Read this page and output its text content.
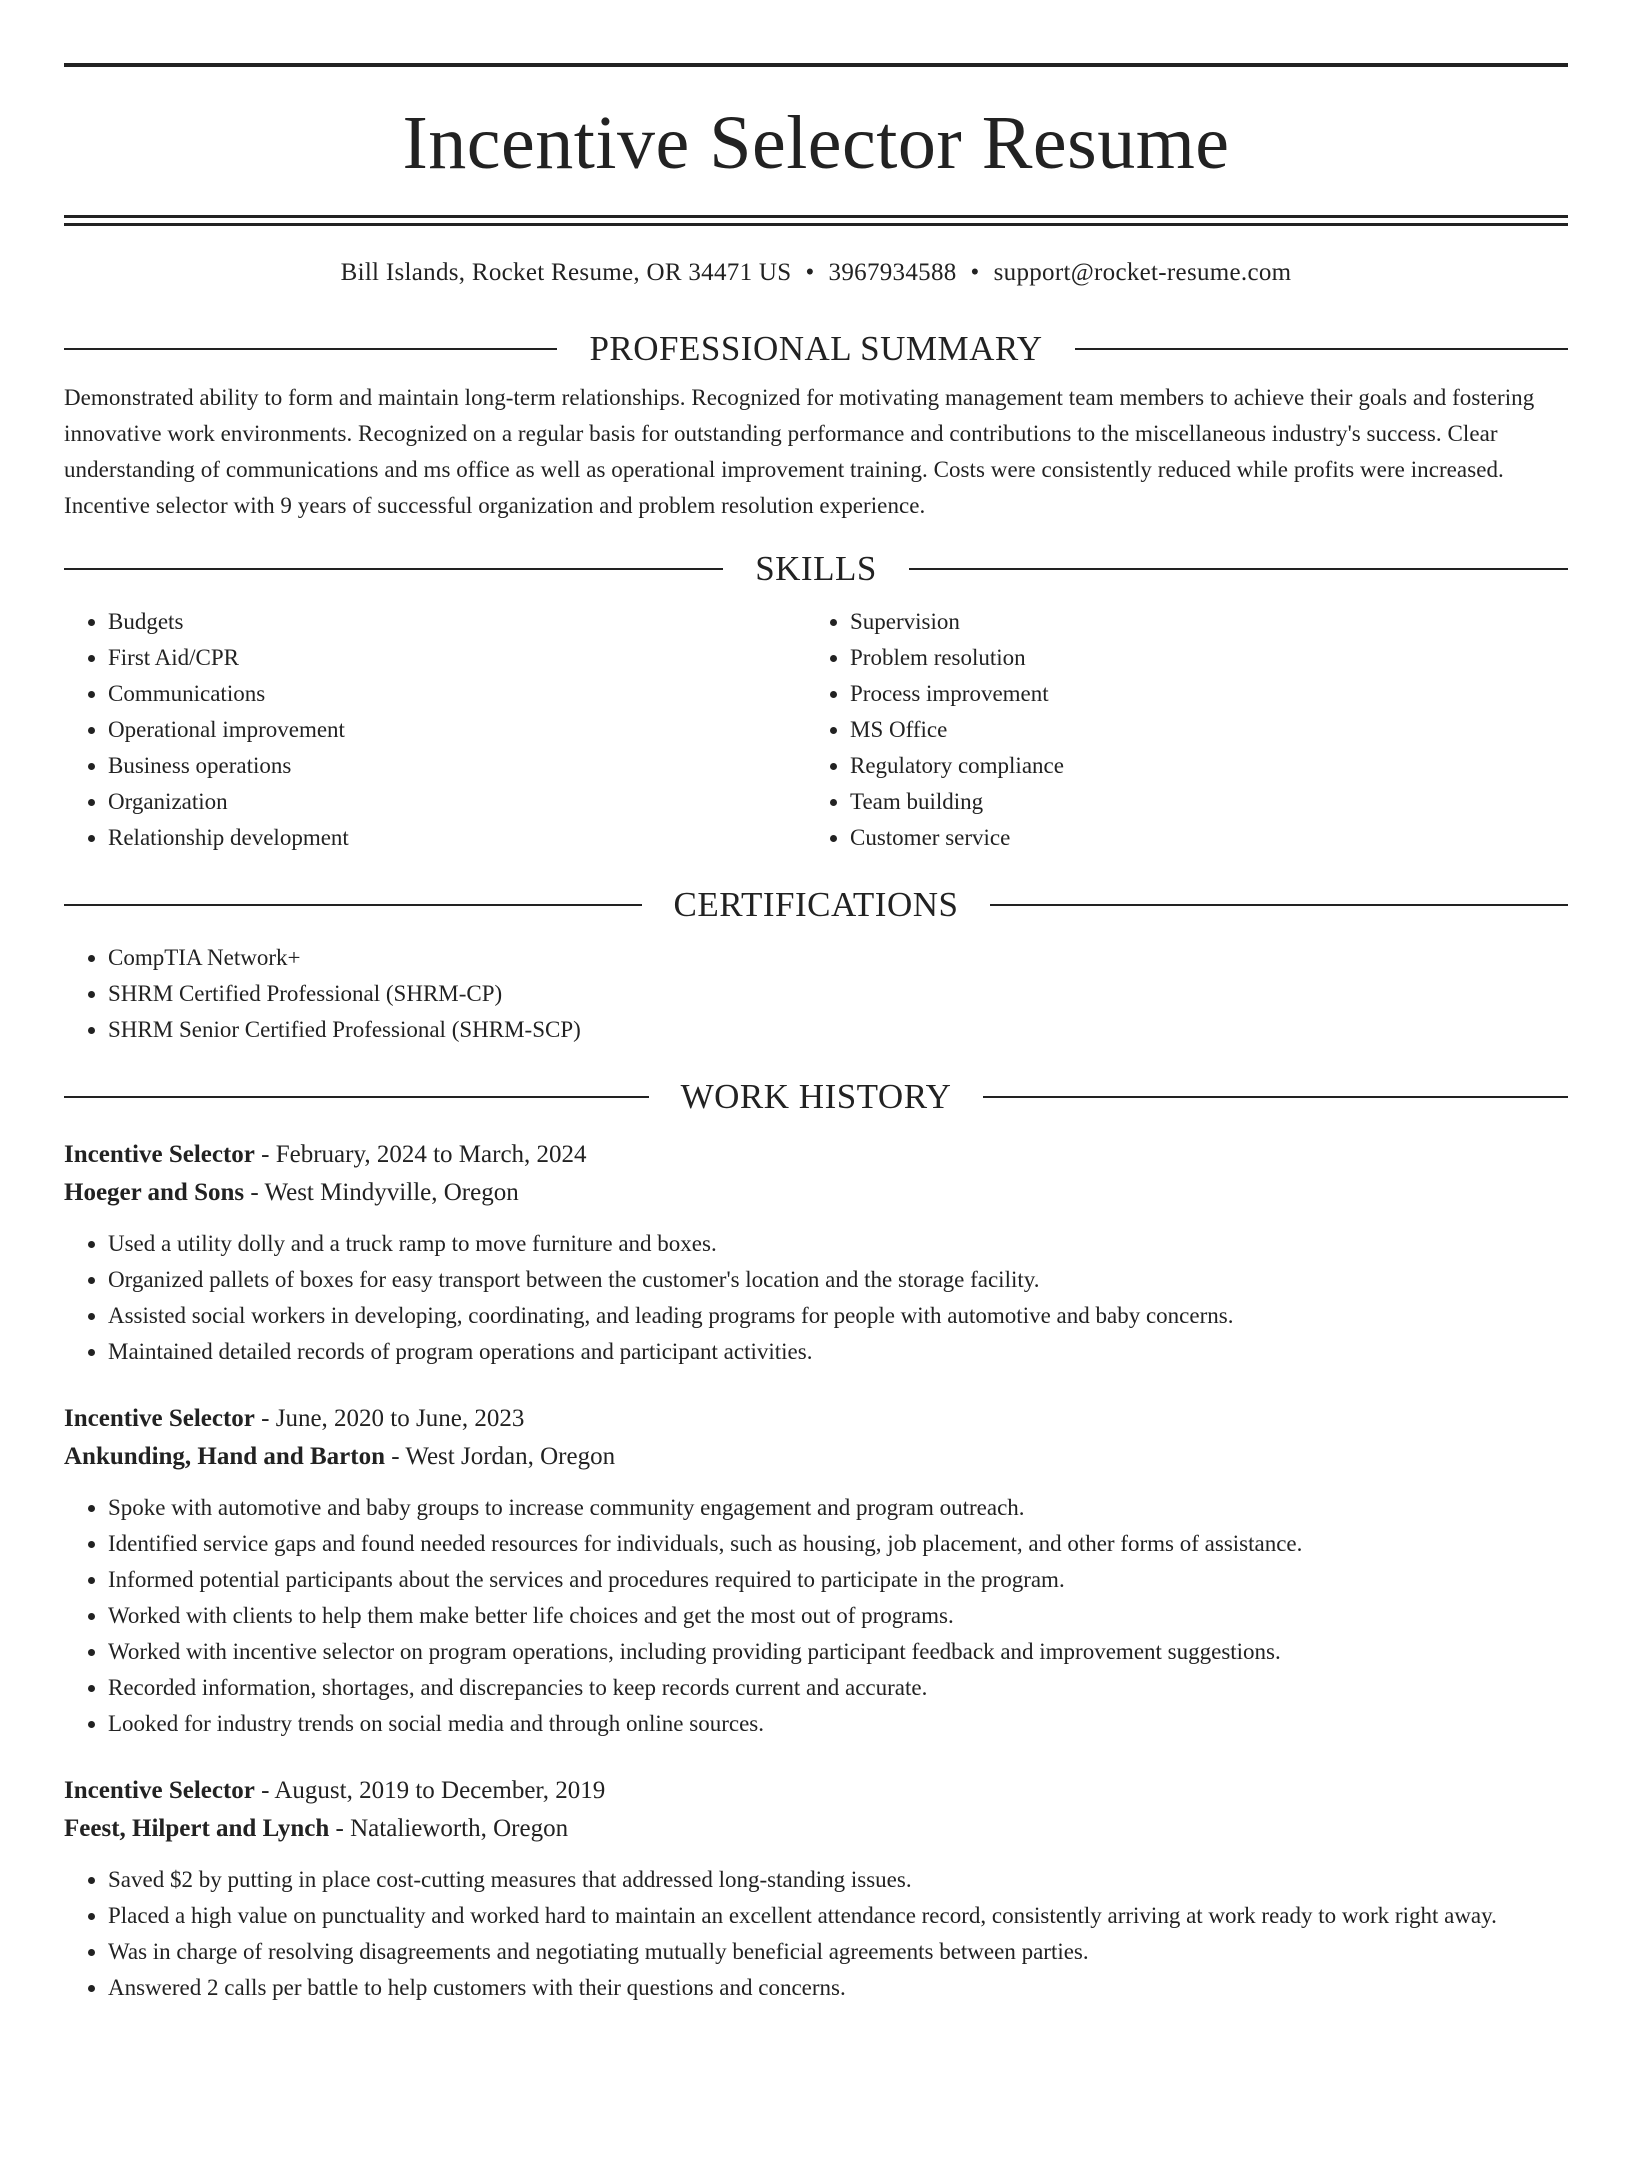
Incentive Selector Resume
Bill Islands, Rocket Resume, OR 34471 US • 3967934588 • support@rocket-resume.com
PROFESSIONAL SUMMARY

Demonstrated ability to form and maintain long-term relationships. Recognized for motivating management team members to achieve their goals and fostering innovative work environments. Recognized on a regular basis for outstanding performance and contributions to the miscellaneous industry's success. Clear understanding of communications and ms office as well as operational improvement training. Costs were consistently reduced while profits were increased. Incentive selector with 9 years of successful organization and problem resolution experience.

SKILLS
• Budgets
• First Aid/CPR
• Communications
• Operational improvement
• Business operations
• Organization
• Relationship development
• Supervision
• Problem resolution
• Process improvement
• MS Office
• Regulatory compliance
• Team building
• Customer service
CERTIFICATIONS
• CompTIA Network+
• SHRM Certified Professional (SHRM-CP)
• SHRM Senior Certified Professional (SHRM-SCP)
WORK HISTORY
Incentive Selector - February, 2024 to March, 2024
Hoeger and Sons - West Mindyville, Oregon
• Used a utility dolly and a truck ramp to move furniture and boxes.
• Organized pallets of boxes for easy transport between the customer's location and the storage facility.
• Assisted social workers in developing, coordinating, and leading programs for people with automotive and baby concerns.
• Maintained detailed records of program operations and participant activities.
Incentive Selector - June, 2020 to June, 2023
Ankunding, Hand and Barton - West Jordan, Oregon
• Spoke with automotive and baby groups to increase community engagement and program outreach.
• Identified service gaps and found needed resources for individuals, such as housing, job placement, and other forms of assistance.
• Informed potential participants about the services and procedures required to participate in the program.
• Worked with clients to help them make better life choices and get the most out of programs.
• Worked with incentive selector on program operations, including providing participant feedback and improvement suggestions.
• Recorded information, shortages, and discrepancies to keep records current and accurate.
• Looked for industry trends on social media and through online sources.
Incentive Selector - August, 2019 to December, 2019
Feest, Hilpert and Lynch - Natalieworth, Oregon
• Saved $2 by putting in place cost-cutting measures that addressed long-standing issues.
• Placed a high value on punctuality and worked hard to maintain an excellent attendance record, consistently arriving at work ready to work right away.
• Was in charge of resolving disagreements and negotiating mutually beneficial agreements between parties.
• Answered 2 calls per battle to help customers with their questions and concerns.
